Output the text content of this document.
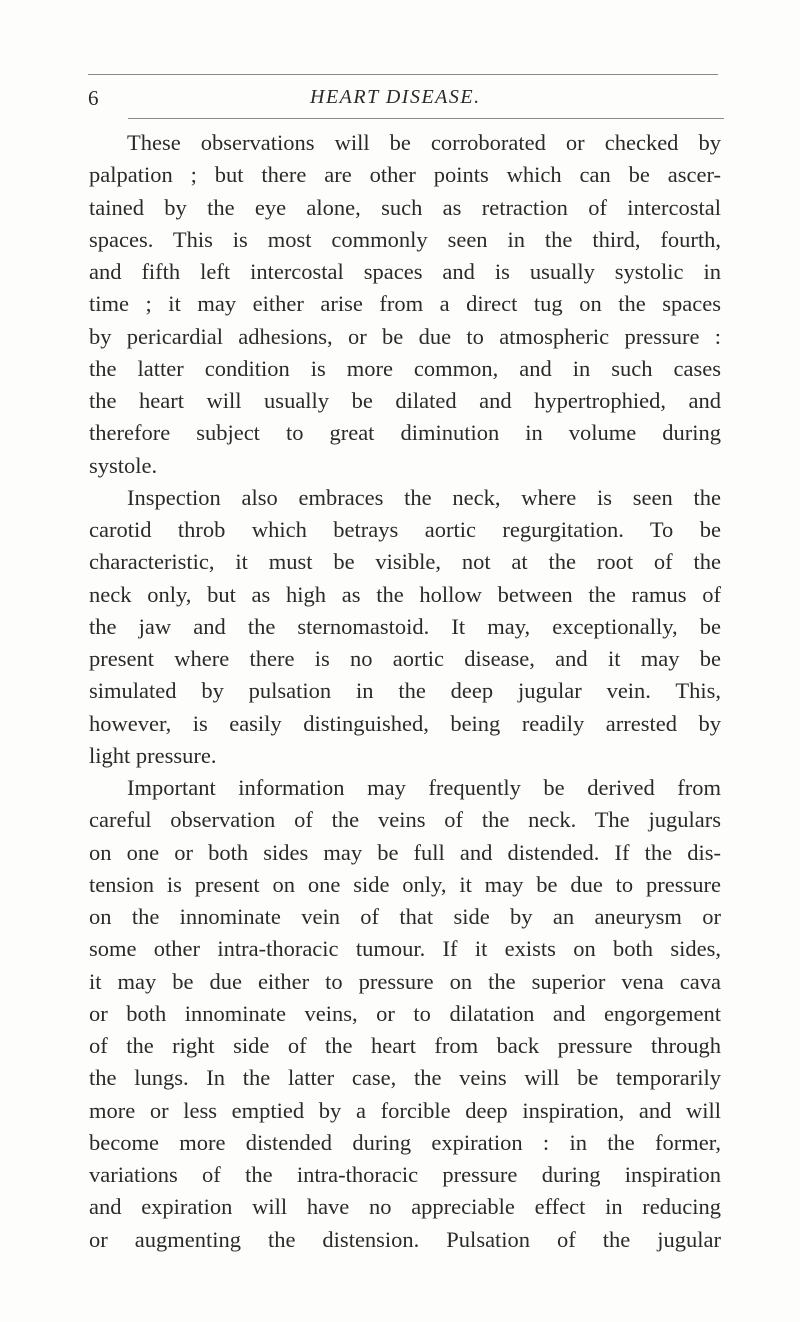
6	HEART DISEASE.
These observations will be corroborated or checked by
palpation ; but there are other points which can be ascer-
tained by the eye alone, such as retraction of intercostal
spaces. This is most commonly seen in the third, fourth,
and fifth left intercostal spaces and is usually systolic in
time ; it may either arise from a direct tug on the spaces
by pericardial adhesions, or be due to atmospheric pressure :
the latter condition is more common, and in such cases
the heart will usually be dilated and hypertrophied, and
therefore subject to great diminution in volume during
systole.
Inspection also embraces the neck, where is seen the
carotid throb which betrays aortic regurgitation. To be
characteristic, it must be visible, not at the root of the
neck only, but as high as the hollow between the ramus of
the jaw and the sternomastoid. It may, exceptionally, be
present where there is no aortic disease, and it may be
simulated by pulsation in the deep jugular vein. This,
however, is easily distinguished, being readily arrested by
light pressure.
Important information may frequently be derived from
careful observation of the veins of the neck. The jugulars
on one or both sides may be full and distended. If the dis-
tension is present on one side only, it may be due to pressure
on the innominate vein of that side by an aneurysm or
some other intra-thoracic tumour. If it exists on both sides,
it may be due either to pressure on the superior vena cava
or both innominate veins, or to dilatation and engorgement
of the right side of the heart from back pressure through
the lungs. In the latter case, the veins will be temporarily
more or less emptied by a forcible deep inspiration, and will
become more distended during expiration : in the former,
variations of the intra-thoracic pressure during inspiration
and expiration will have no appreciable effect in reducing
or augmenting the distension. Pulsation of the jugular
